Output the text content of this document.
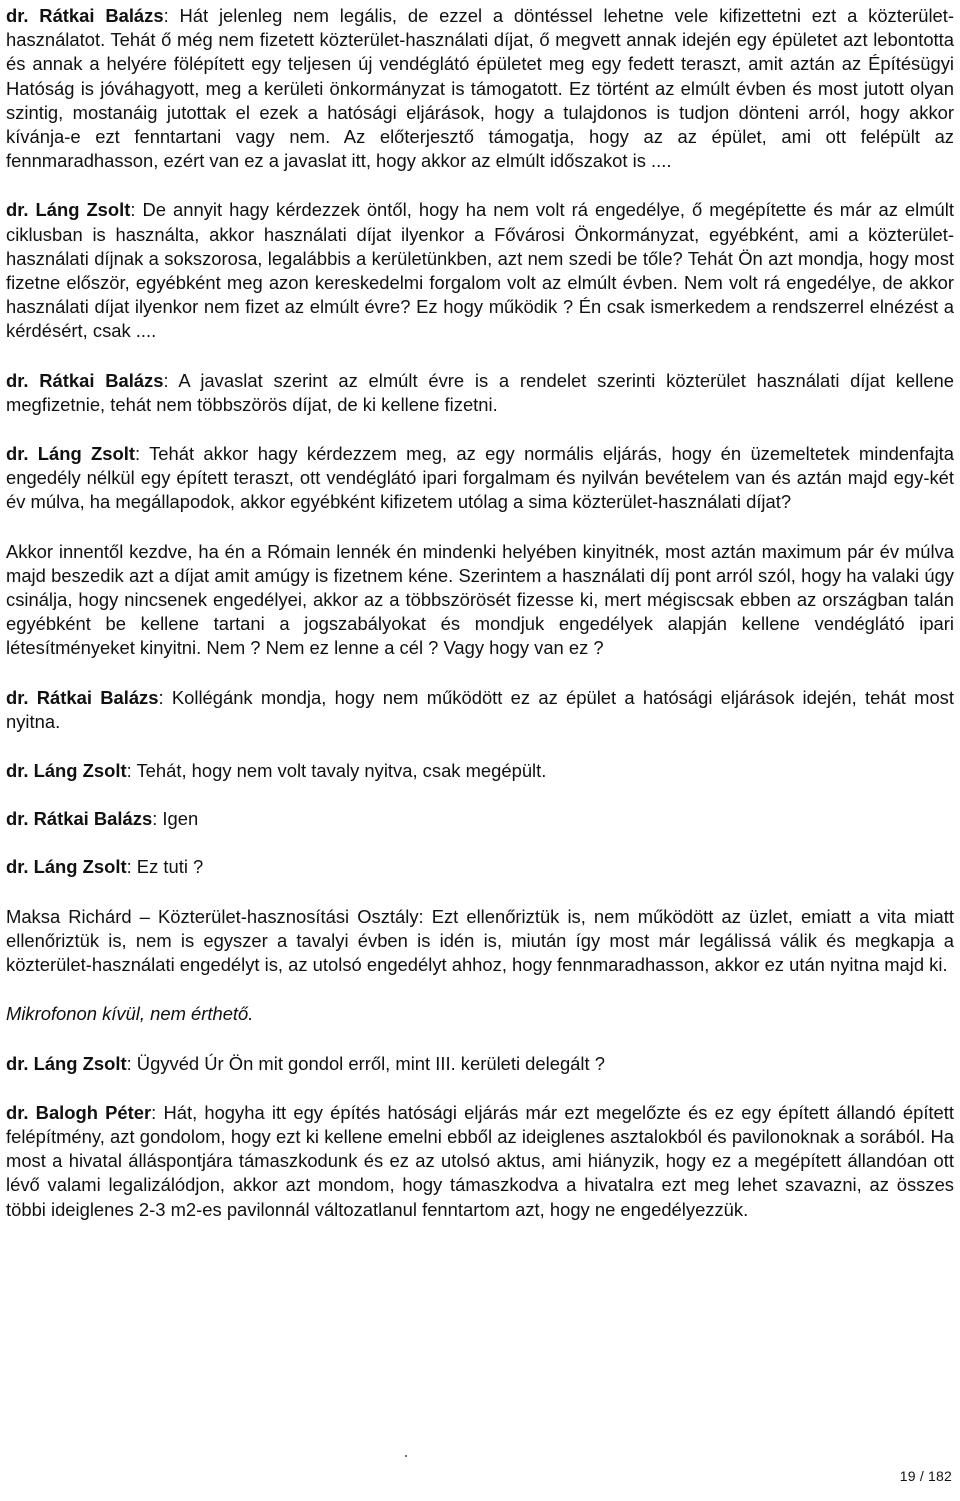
dr. Rátkai Balázs: Hát jelenleg nem legális, de ezzel a döntéssel lehetne vele kifizettetni ezt a közterület-használatot. Tehát ő még nem fizetett közterület-használati díjat, ő megvett annak idején egy épületet azt lebontotta és annak a helyére fölépített egy teljesen új vendéglátó épületet meg egy fedett teraszt, amit aztán az Építésügyi Hatóság is jóváhagyott, meg a kerületi önkormányzat is támogatott. Ez történt az elmúlt évben és most jutott olyan szintig, mostanáig jutottak el ezek a hatósági eljárások, hogy a tulajdonos is tudjon dönteni arról, hogy akkor kívánja-e ezt fenntartani vagy nem. Az előterjesztő támogatja, hogy az az épület, ami ott felépült az fennmaradhasson, ezért van ez a javaslat itt, hogy akkor az elmúlt időszakot is ....

dr. Láng Zsolt: De annyit hagy kérdezzek öntől, hogy ha nem volt rá engedélye, ő megépítette és már az elmúlt ciklusban is használta, akkor használati díjat ilyenkor a Fővárosi Önkormányzat, egyébként, ami a közterület-használati díjnak a sokszorosa, legalábbis a kerületünkben, azt nem szedi be tőle? Tehát Ön azt mondja, hogy most fizetne először, egyébként meg azon kereskedelmi forgalom volt az elmúlt évben. Nem volt rá engedélye, de akkor használati díjat ilyenkor nem fizet az elmúlt évre? Ez hogy működik ? Én csak ismerkedem a rendszerrel elnézést a kérdésért, csak ....

dr. Rátkai Balázs: A javaslat szerint az elmúlt évre is a rendelet szerinti közterület használati díjat kellene megfizetnie, tehát nem többszörös díjat, de ki kellene fizetni.

dr. Láng Zsolt: Tehát akkor hagy kérdezzem meg, az egy normális eljárás, hogy én üzemeltetek mindenfajta engedély nélkül egy épített teraszt, ott vendéglátó ipari forgalmam és nyilván bevételem van és aztán majd egy-két év múlva, ha megállapodok, akkor egyébként kifizetem utólag a sima közterület-használati díjat?

Akkor innentől kezdve, ha én a Rómain lennék én mindenki helyében kinyitnék, most aztán maximum pár év múlva majd beszedik azt a díjat amit amúgy is fizetnem kéne. Szerintem a használati díj pont arról szól, hogy ha valaki úgy csinálja, hogy nincsenek engedélyei, akkor az a többszörösét fizesse ki, mert mégiscsak ebben az országban talán egyébként be kellene tartani a jogszabályokat és mondjuk engedélyek alapján kellene vendéglátó ipari létesítményeket kinyitni. Nem ? Nem ez lenne a cél ? Vagy hogy van ez ?

dr. Rátkai Balázs: Kollégánk mondja, hogy nem működött ez az épület a hatósági eljárások idején, tehát most nyitna.

dr. Láng Zsolt: Tehát, hogy nem volt tavaly nyitva, csak megépült.

dr. Rátkai Balázs: Igen

dr. Láng Zsolt: Ez tuti ?

Maksa Richárd – Közterület-hasznosítási Osztály: Ezt ellenőriztük is, nem működött az üzlet, emiatt a vita miatt ellenőriztük is, nem is egyszer a tavalyi évben is idén is, miután így most már legálissá válik és megkapja a közterület-használati engedélyt is, az utolsó engedélyt ahhoz, hogy fennmaradhasson, akkor ez után nyitna majd ki.

Mikrofonon kívül, nem érthető.

dr. Láng Zsolt: Ügyvéd Úr Ön mit gondol erről, mint III. kerületi delegált ?

dr. Balogh Péter: Hát, hogyha itt egy építés hatósági eljárás már ezt megelőzte és ez egy épített állandó épített felépítmény, azt gondolom, hogy ezt ki kellene emelni ebből az ideiglenes asztalokból és pavilonoknak a sorából. Ha most a hivatal álláspontjára támaszkodunk és ez az utolsó aktus, ami hiányzik, hogy ez a megépített állandóan ott lévő valami legalizálódjon, akkor azt mondom, hogy támaszkodva a hivatalra ezt meg lehet szavazni, az összes többi ideiglenes 2-3 m2-es pavilonnál változatlanul fenntartom azt, hogy ne engedélyezzük.

19 / 182
